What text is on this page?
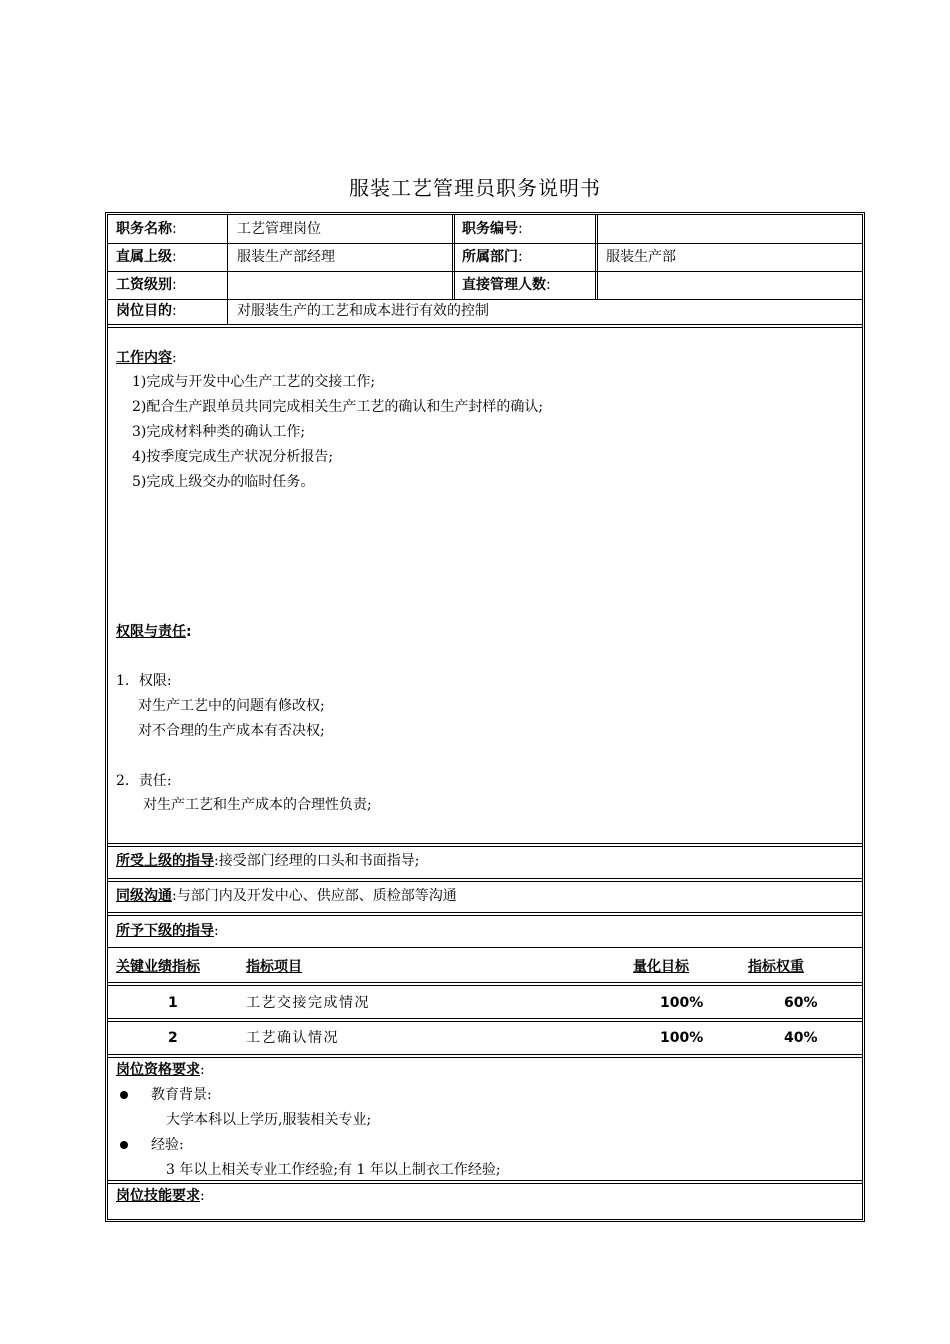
服装工艺管理员职务说明书
职务名称:	工艺管理岗位	职务编号:
直属上级:	服装生产部经理	所属部门:	服装生产部
工资级别:	直接管理人数:
岗位目的:	对服装生产的工艺和成本进行有效的控制
工作内容:
1)完成与开发中心生产工艺的交接工作;
2)配合生产跟单员共同完成相关生产工艺的确认和生产封样的确认;
3)完成材料种类的确认工作;
4)按季度完成生产状况分析报告;
5)完成上级交办的临时任务。
权限与责任:
1．权限:
对生产工艺中的问题有修改权;
对不合理的生产成本有否决权;
2．责任:
对生产工艺和生产成本的合理性负责;
所受上级的指导:接受部门经理的口头和书面指导;
同级沟通:与部门内及开发中心、供应部、质检部等沟通
所予下级的指导:
关键业绩指标	指标项目	量化目标	指标权重
1	工艺交接完成情况	100%	60%
2	工艺确认情况	100%	40%
岗位资格要求:
教育背景:
大学本科以上学历,服装相关专业;
经验:
3 年以上相关专业工作经验;有 1 年以上制衣工作经验;
岗位技能要求:
